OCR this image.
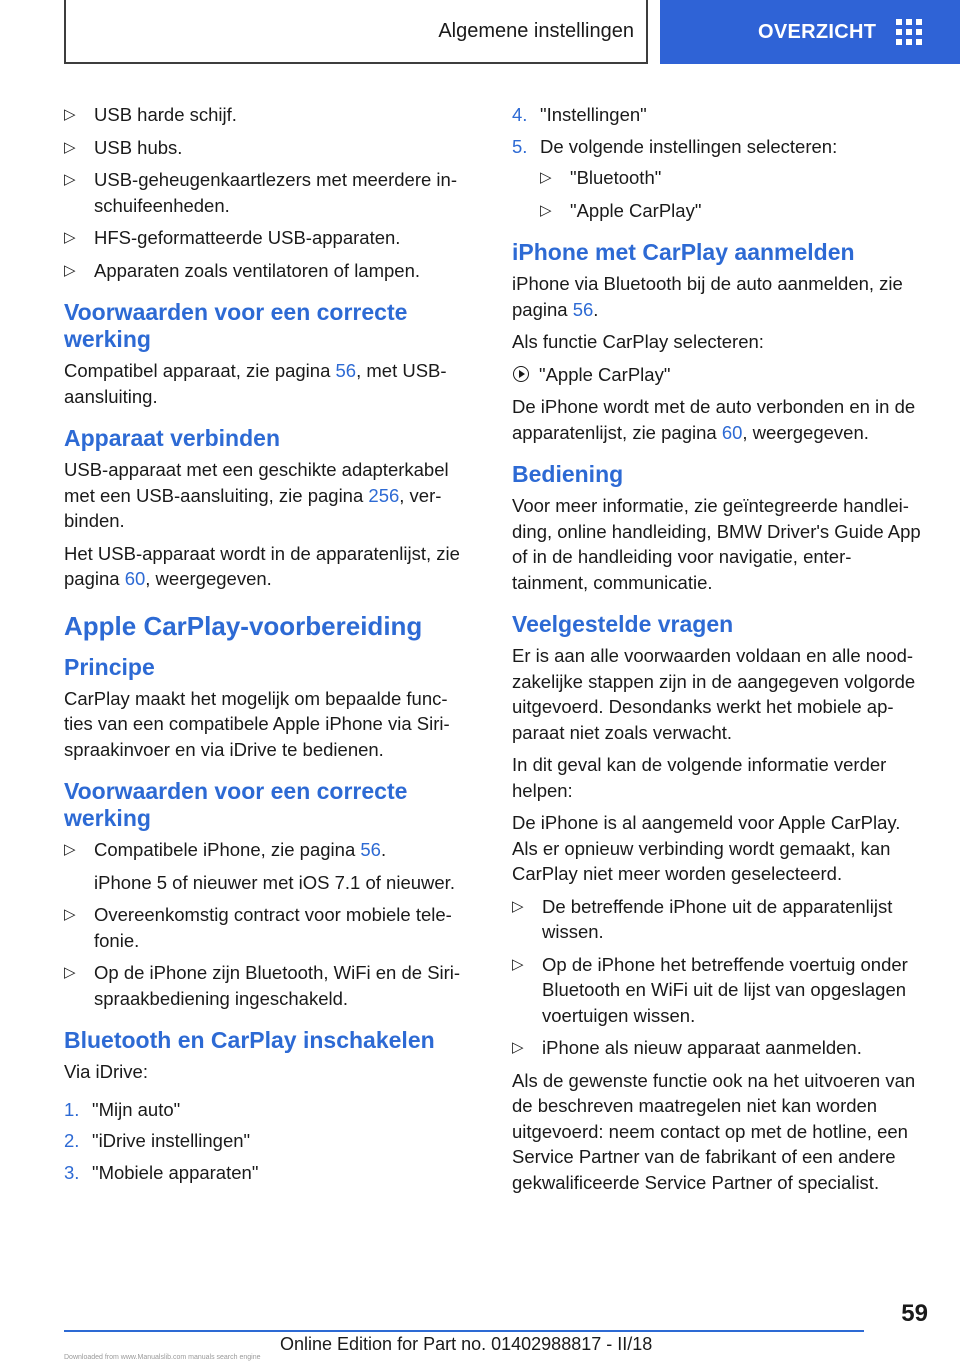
Algemene instellingen	OVERZICHT
▷ USB harde schijf.
▷ USB hubs.
▷ USB-geheugenkaartlezers met meerdere in-schuifeenheden.
▷ HFS-geformatteerde USB-apparaten.
▷ Apparaten zoals ventilatoren of lampen.
Voorwaarden voor een correcte werking

Compatibel apparaat, zie pagina 56, met USB-aansluiting.

Apparaat verbinden

USB-apparaat met een geschikte adapterkabel met een USB-aansluiting, zie pagina 256, ver-binden.

Het USB-apparaat wordt in de apparatenlijst, zie pagina 60, weergegeven.

Apple CarPlay-voorbereiding
Principe

CarPlay maakt het mogelijk om bepaalde func-ties van een compatibele Apple iPhone via Siri-spraakinvoer en via iDrive te bedienen.

Voorwaarden voor een correcte werking
▷ Compatibele iPhone, zie pagina 56.

iPhone 5 of nieuwer met iOS 7.1 of nieuwer.

▷ Overeenkomstig contract voor mobiele tele-fonie.
▷ Op de iPhone zijn Bluetooth, WiFi en de Siri-spraakbediening ingeschakeld.
Bluetooth en CarPlay inschakelen

Via iDrive:

1. "Mijn auto"
2. "iDrive instellingen"
3. "Mobiele apparaten"
4. "Instellingen"
5. De volgende instellingen selecteren:
▷ "Bluetooth"
▷ "Apple CarPlay"
iPhone met CarPlay aanmelden

iPhone via Bluetooth bij de auto aanmelden, zie pagina 56.

Als functie CarPlay selecteren:

"Apple CarPlay"

De iPhone wordt met de auto verbonden en in de apparatenlijst, zie pagina 60, weergegeven.

Bediening

Voor meer informatie, zie geïntegreerde handlei-ding, online handleiding, BMW Driver's Guide App of in de handleiding voor navigatie, enter-tainment, communicatie.

Veelgestelde vragen

Er is aan alle voorwaarden voldaan en alle nood-zakelijke stappen zijn in de aangegeven volgorde uitgevoerd. Desondanks werkt het mobiele ap-paraat niet zoals verwacht.

In dit geval kan de volgende informatie verder helpen:

De iPhone is al aangemeld voor Apple CarPlay. Als er opnieuw verbinding wordt gemaakt, kan CarPlay niet meer worden geselecteerd.

▷ De betreffende iPhone uit de apparatenlijst wissen.
▷ Op de iPhone het betreffende voertuig onder Bluetooth en WiFi uit de lijst van opgeslagen voertuigen wissen.
▷ iPhone als nieuw apparaat aanmelden.

Als de gewenste functie ook na het uitvoeren van de beschreven maatregelen niet kan worden uitgevoerd: neem contact op met de hotline, een Service Partner van de fabrikant of een andere gekwalificeerde Service Partner of specialist.

59
Online Edition for Part no. 01402988817 - II/18
Downloaded from www.Manualslib.com manuals search engine
